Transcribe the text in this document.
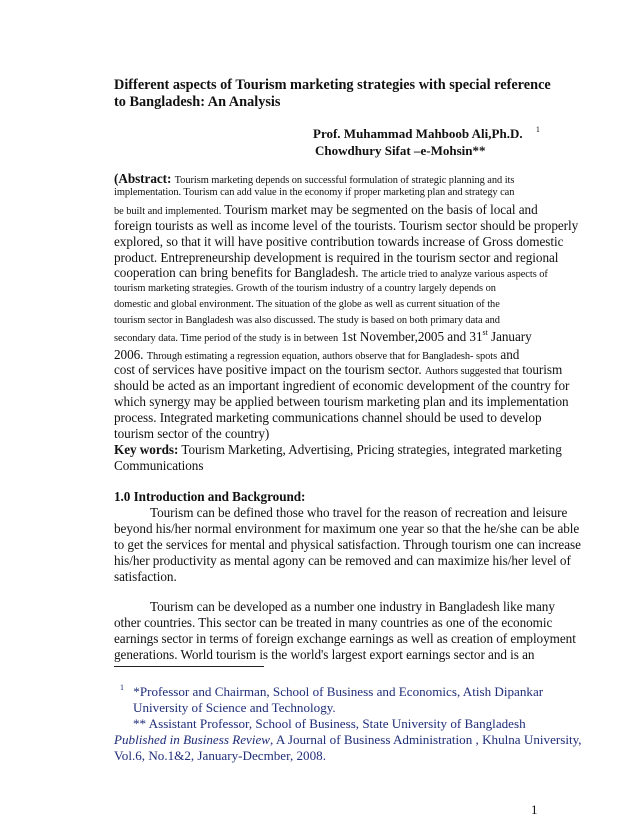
Different aspects of Tourism marketing strategies with special reference
to Bangladesh: An Analysis
Prof. Muhammad Mahboob Ali,Ph.D. $^1$
Chowdhury Sifat –e-Mohsin**
(Abstract: Tourism marketing depends on successful formulation of strategic planning and its
implementation. Tourism can add value in the economy if proper marketing plan and strategy can
be built and implemented. Tourism market may be segmented on the basis of local and
foreign tourists as well as income level of the tourists. Tourism sector should be properly
explored, so that it will have positive contribution towards increase of Gross domestic
product. Entrepreneurship development is required in the tourism sector and regional
cooperation can bring benefits for Bangladesh. The article tried to analyze various aspects of
tourism marketing strategies. Growth of the tourism industry of a country largely depends on
domestic and global environment. The situation of the globe as well as current situation of the
tourism sector in Bangladesh was also discussed. The study is based on both primary data and
secondary data. Time period of the study is in between 1st November,2005 and 31st January
2006. Through estimating a regression equation, authors observe that for Bangladesh- spots and
cost of services have positive impact on the tourism sector. Authors suggested that tourism
should be acted as an important ingredient of economic development of the country for
which synergy may be applied between tourism marketing plan and its implementation
process. Integrated marketing communications channel should be used to develop
tourism sector of the country)
Key words: Tourism Marketing, Advertising, Pricing strategies, integrated marketing
Communications
1.0 Introduction and Background:
Tourism can be defined those who travel for the reason of recreation and leisure
beyond his/her normal environment for maximum one year so that the he/she can be able
to get the services for mental and physical satisfaction. Through tourism one can increase
his/her productivity as mental agony can be removed and can maximize his/her level of
satisfaction.
Tourism can be developed as a number one industry in Bangladesh like many
other countries. This sector can be treated in many countries as one of the economic
earnings sector in terms of foreign exchange earnings as well as creation of employment
generations. World tourism is the world's largest export earnings sector and is an
$^1$ *Professor and Chairman, School of Business and Economics, Atish Dipankar
University of Science and Technology.
** Assistant Professor, School of Business, State University of Bangladesh
Published in Business Review, A Journal of Business Administration , Khulna University,
Vol.6, No.1&2, January-Decmber, 2008.
1
